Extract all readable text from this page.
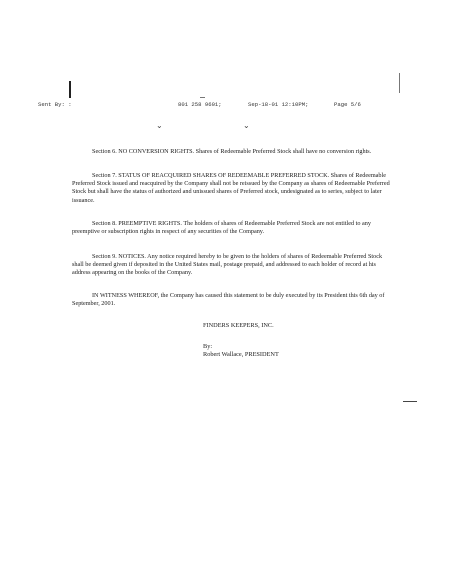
Sent By: :	801 258 9601;	Sep-18-01 12:10PM;	Page 5/6
⌄	⌄

Section 6. NO CONVERSION RIGHTS. Shares of Redeemable Preferred Stock shall have no conversion rights.

Section 7. STATUS OF REACQUIRED SHARES OF REDEEMABLE PREFERRED STOCK. Shares of Redeemable Preferred Stock issued and reacquired by the Company shall not be reissued by the Company as shares of Redeemable Preferred Stock but shall have the status of authorized and unissued shares of Preferred stock, undesignated as to series, subject to later issuance.

Section 8. PREEMPTIVE RIGHTS. The holders of shares of Redeemable Preferred Stock are not entitled to any preemptive or subscription rights in respect of any securities of the Company.

Section 9. NOTICES. Any notice required hereby to be given to the holders of shares of Redeemable Preferred Stock shall be deemed given if deposited in the United States mail, postage prepaid, and addressed to each holder of record at his address appearing on the books of the Company.

IN WITNESS WHEREOF, the Company has caused this statement to be duly executed by its President this 6th day of September, 2001.

FINDERS KEEPERS, INC.
By:
Robert Wallace, PRESIDENT
